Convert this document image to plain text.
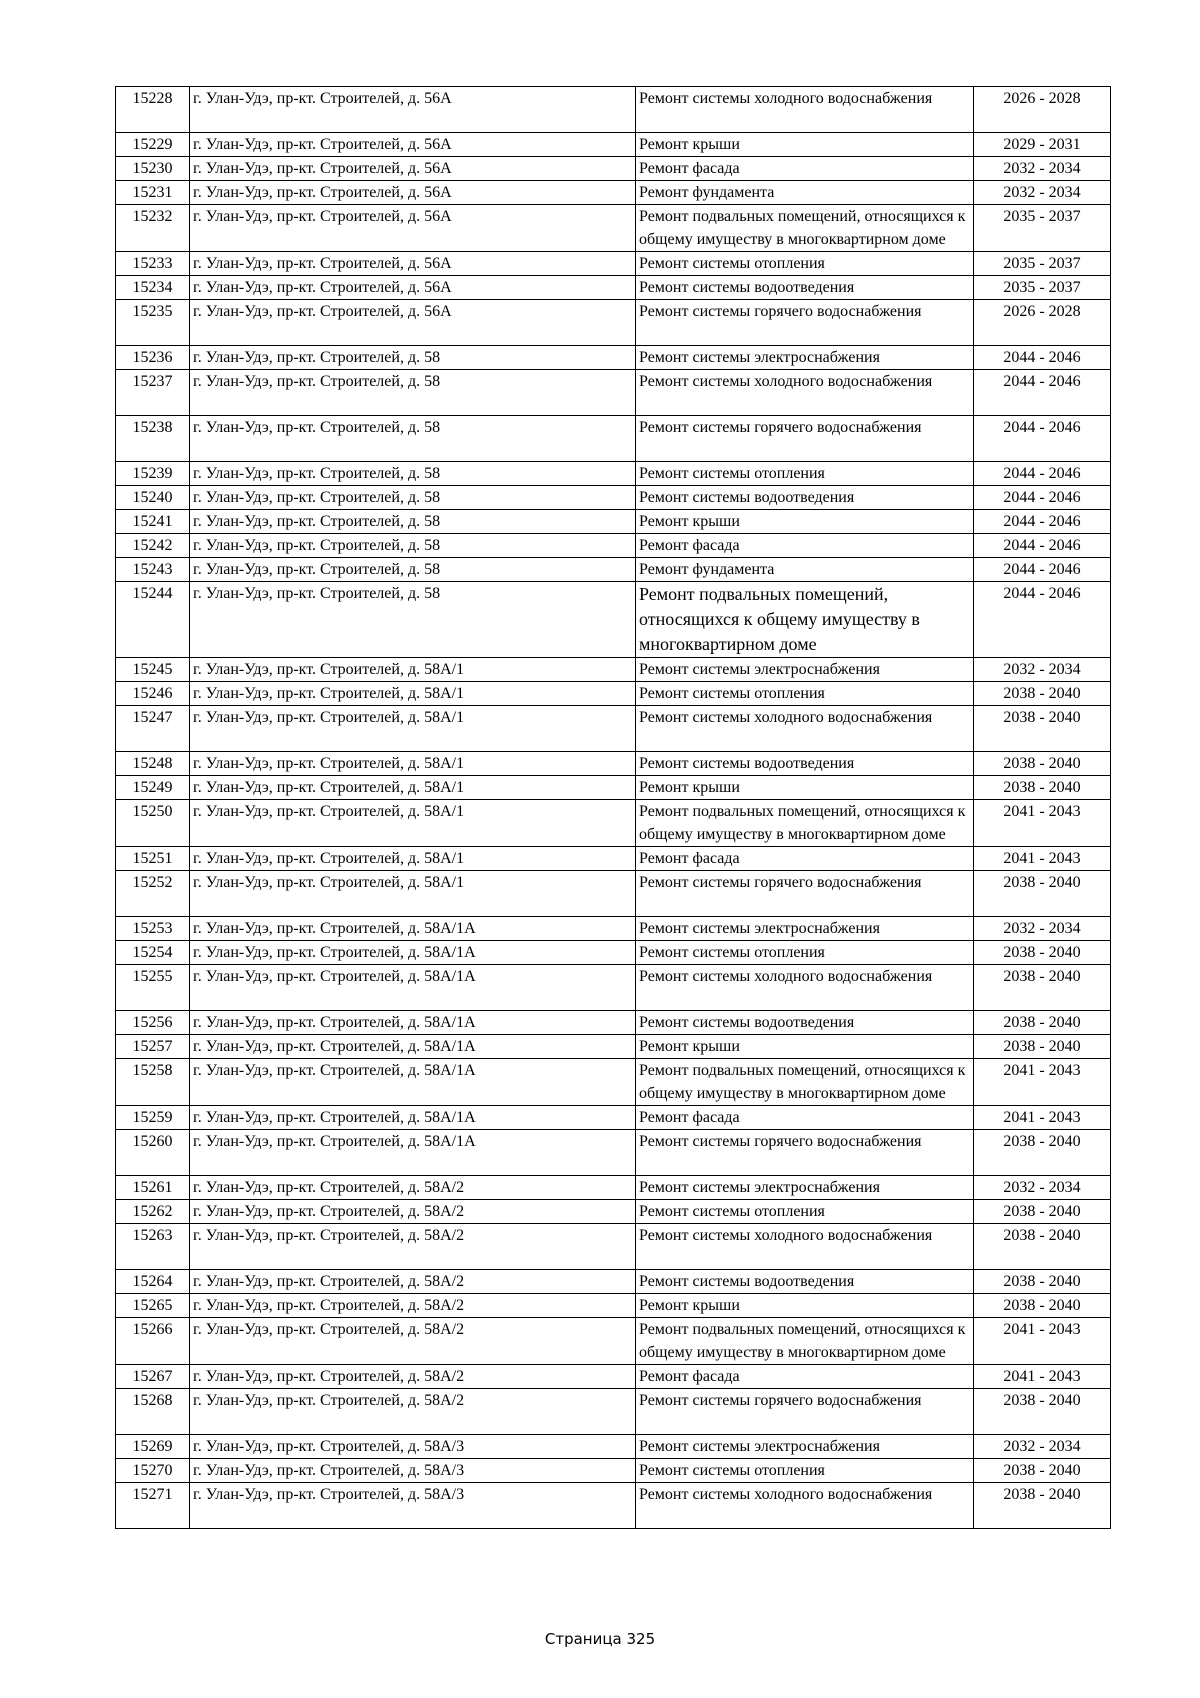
15228	г. Улан-Удэ, пр-кт. Строителей, д. 56А	Ремонт системы холодного водоснабжения	2026 - 2028
15229	г. Улан-Удэ, пр-кт. Строителей, д. 56А	Ремонт крыши	2029 - 2031
15230	г. Улан-Удэ, пр-кт. Строителей, д. 56А	Ремонт фасада	2032 - 2034
15231	г. Улан-Удэ, пр-кт. Строителей, д. 56А	Ремонт фундамента	2032 - 2034
15232	г. Улан-Удэ, пр-кт. Строителей, д. 56А	Ремонт подвальных помещений, относящихся к общему имуществу в многоквартирном доме	2035 - 2037
15233	г. Улан-Удэ, пр-кт. Строителей, д. 56А	Ремонт системы отопления	2035 - 2037
15234	г. Улан-Удэ, пр-кт. Строителей, д. 56А	Ремонт системы водоотведения	2035 - 2037
15235	г. Улан-Удэ, пр-кт. Строителей, д. 56А	Ремонт системы горячего водоснабжения	2026 - 2028
15236	г. Улан-Удэ, пр-кт. Строителей, д. 58	Ремонт системы электроснабжения	2044 - 2046
15237	г. Улан-Удэ, пр-кт. Строителей, д. 58	Ремонт системы холодного водоснабжения	2044 - 2046
15238	г. Улан-Удэ, пр-кт. Строителей, д. 58	Ремонт системы горячего водоснабжения	2044 - 2046
15239	г. Улан-Удэ, пр-кт. Строителей, д. 58	Ремонт системы отопления	2044 - 2046
15240	г. Улан-Удэ, пр-кт. Строителей, д. 58	Ремонт системы водоотведения	2044 - 2046
15241	г. Улан-Удэ, пр-кт. Строителей, д. 58	Ремонт крыши	2044 - 2046
15242	г. Улан-Удэ, пр-кт. Строителей, д. 58	Ремонт фасада	2044 - 2046
15243	г. Улан-Удэ, пр-кт. Строителей, д. 58	Ремонт фундамента	2044 - 2046
15244	г. Улан-Удэ, пр-кт. Строителей, д. 58	Ремонт подвальных помещений, относящихся к общему имуществу в многоквартирном доме	2044 - 2046
15245	г. Улан-Удэ, пр-кт. Строителей, д. 58А/1	Ремонт системы электроснабжения	2032 - 2034
15246	г. Улан-Удэ, пр-кт. Строителей, д. 58А/1	Ремонт системы отопления	2038 - 2040
15247	г. Улан-Удэ, пр-кт. Строителей, д. 58А/1	Ремонт системы холодного водоснабжения	2038 - 2040
15248	г. Улан-Удэ, пр-кт. Строителей, д. 58А/1	Ремонт системы водоотведения	2038 - 2040
15249	г. Улан-Удэ, пр-кт. Строителей, д. 58А/1	Ремонт крыши	2038 - 2040
15250	г. Улан-Удэ, пр-кт. Строителей, д. 58А/1	Ремонт подвальных помещений, относящихся к общему имуществу в многоквартирном доме	2041 - 2043
15251	г. Улан-Удэ, пр-кт. Строителей, д. 58А/1	Ремонт фасада	2041 - 2043
15252	г. Улан-Удэ, пр-кт. Строителей, д. 58А/1	Ремонт системы горячего водоснабжения	2038 - 2040
15253	г. Улан-Удэ, пр-кт. Строителей, д. 58А/1А	Ремонт системы электроснабжения	2032 - 2034
15254	г. Улан-Удэ, пр-кт. Строителей, д. 58А/1А	Ремонт системы отопления	2038 - 2040
15255	г. Улан-Удэ, пр-кт. Строителей, д. 58А/1А	Ремонт системы холодного водоснабжения	2038 - 2040
15256	г. Улан-Удэ, пр-кт. Строителей, д. 58А/1А	Ремонт системы водоотведения	2038 - 2040
15257	г. Улан-Удэ, пр-кт. Строителей, д. 58А/1А	Ремонт крыши	2038 - 2040
15258	г. Улан-Удэ, пр-кт. Строителей, д. 58А/1А	Ремонт подвальных помещений, относящихся к общему имуществу в многоквартирном доме	2041 - 2043
15259	г. Улан-Удэ, пр-кт. Строителей, д. 58А/1А	Ремонт фасада	2041 - 2043
15260	г. Улан-Удэ, пр-кт. Строителей, д. 58А/1А	Ремонт системы горячего водоснабжения	2038 - 2040
15261	г. Улан-Удэ, пр-кт. Строителей, д. 58А/2	Ремонт системы электроснабжения	2032 - 2034
15262	г. Улан-Удэ, пр-кт. Строителей, д. 58А/2	Ремонт системы отопления	2038 - 2040
15263	г. Улан-Удэ, пр-кт. Строителей, д. 58А/2	Ремонт системы холодного водоснабжения	2038 - 2040
15264	г. Улан-Удэ, пр-кт. Строителей, д. 58А/2	Ремонт системы водоотведения	2038 - 2040
15265	г. Улан-Удэ, пр-кт. Строителей, д. 58А/2	Ремонт крыши	2038 - 2040
15266	г. Улан-Удэ, пр-кт. Строителей, д. 58А/2	Ремонт подвальных помещений, относящихся к общему имуществу в многоквартирном доме	2041 - 2043
15267	г. Улан-Удэ, пр-кт. Строителей, д. 58А/2	Ремонт фасада	2041 - 2043
15268	г. Улан-Удэ, пр-кт. Строителей, д. 58А/2	Ремонт системы горячего водоснабжения	2038 - 2040
15269	г. Улан-Удэ, пр-кт. Строителей, д. 58А/3	Ремонт системы электроснабжения	2032 - 2034
15270	г. Улан-Удэ, пр-кт. Строителей, д. 58А/3	Ремонт системы отопления	2038 - 2040
15271	г. Улан-Удэ, пр-кт. Строителей, д. 58А/3	Ремонт системы холодного водоснабжения	2038 - 2040
Страница 325
